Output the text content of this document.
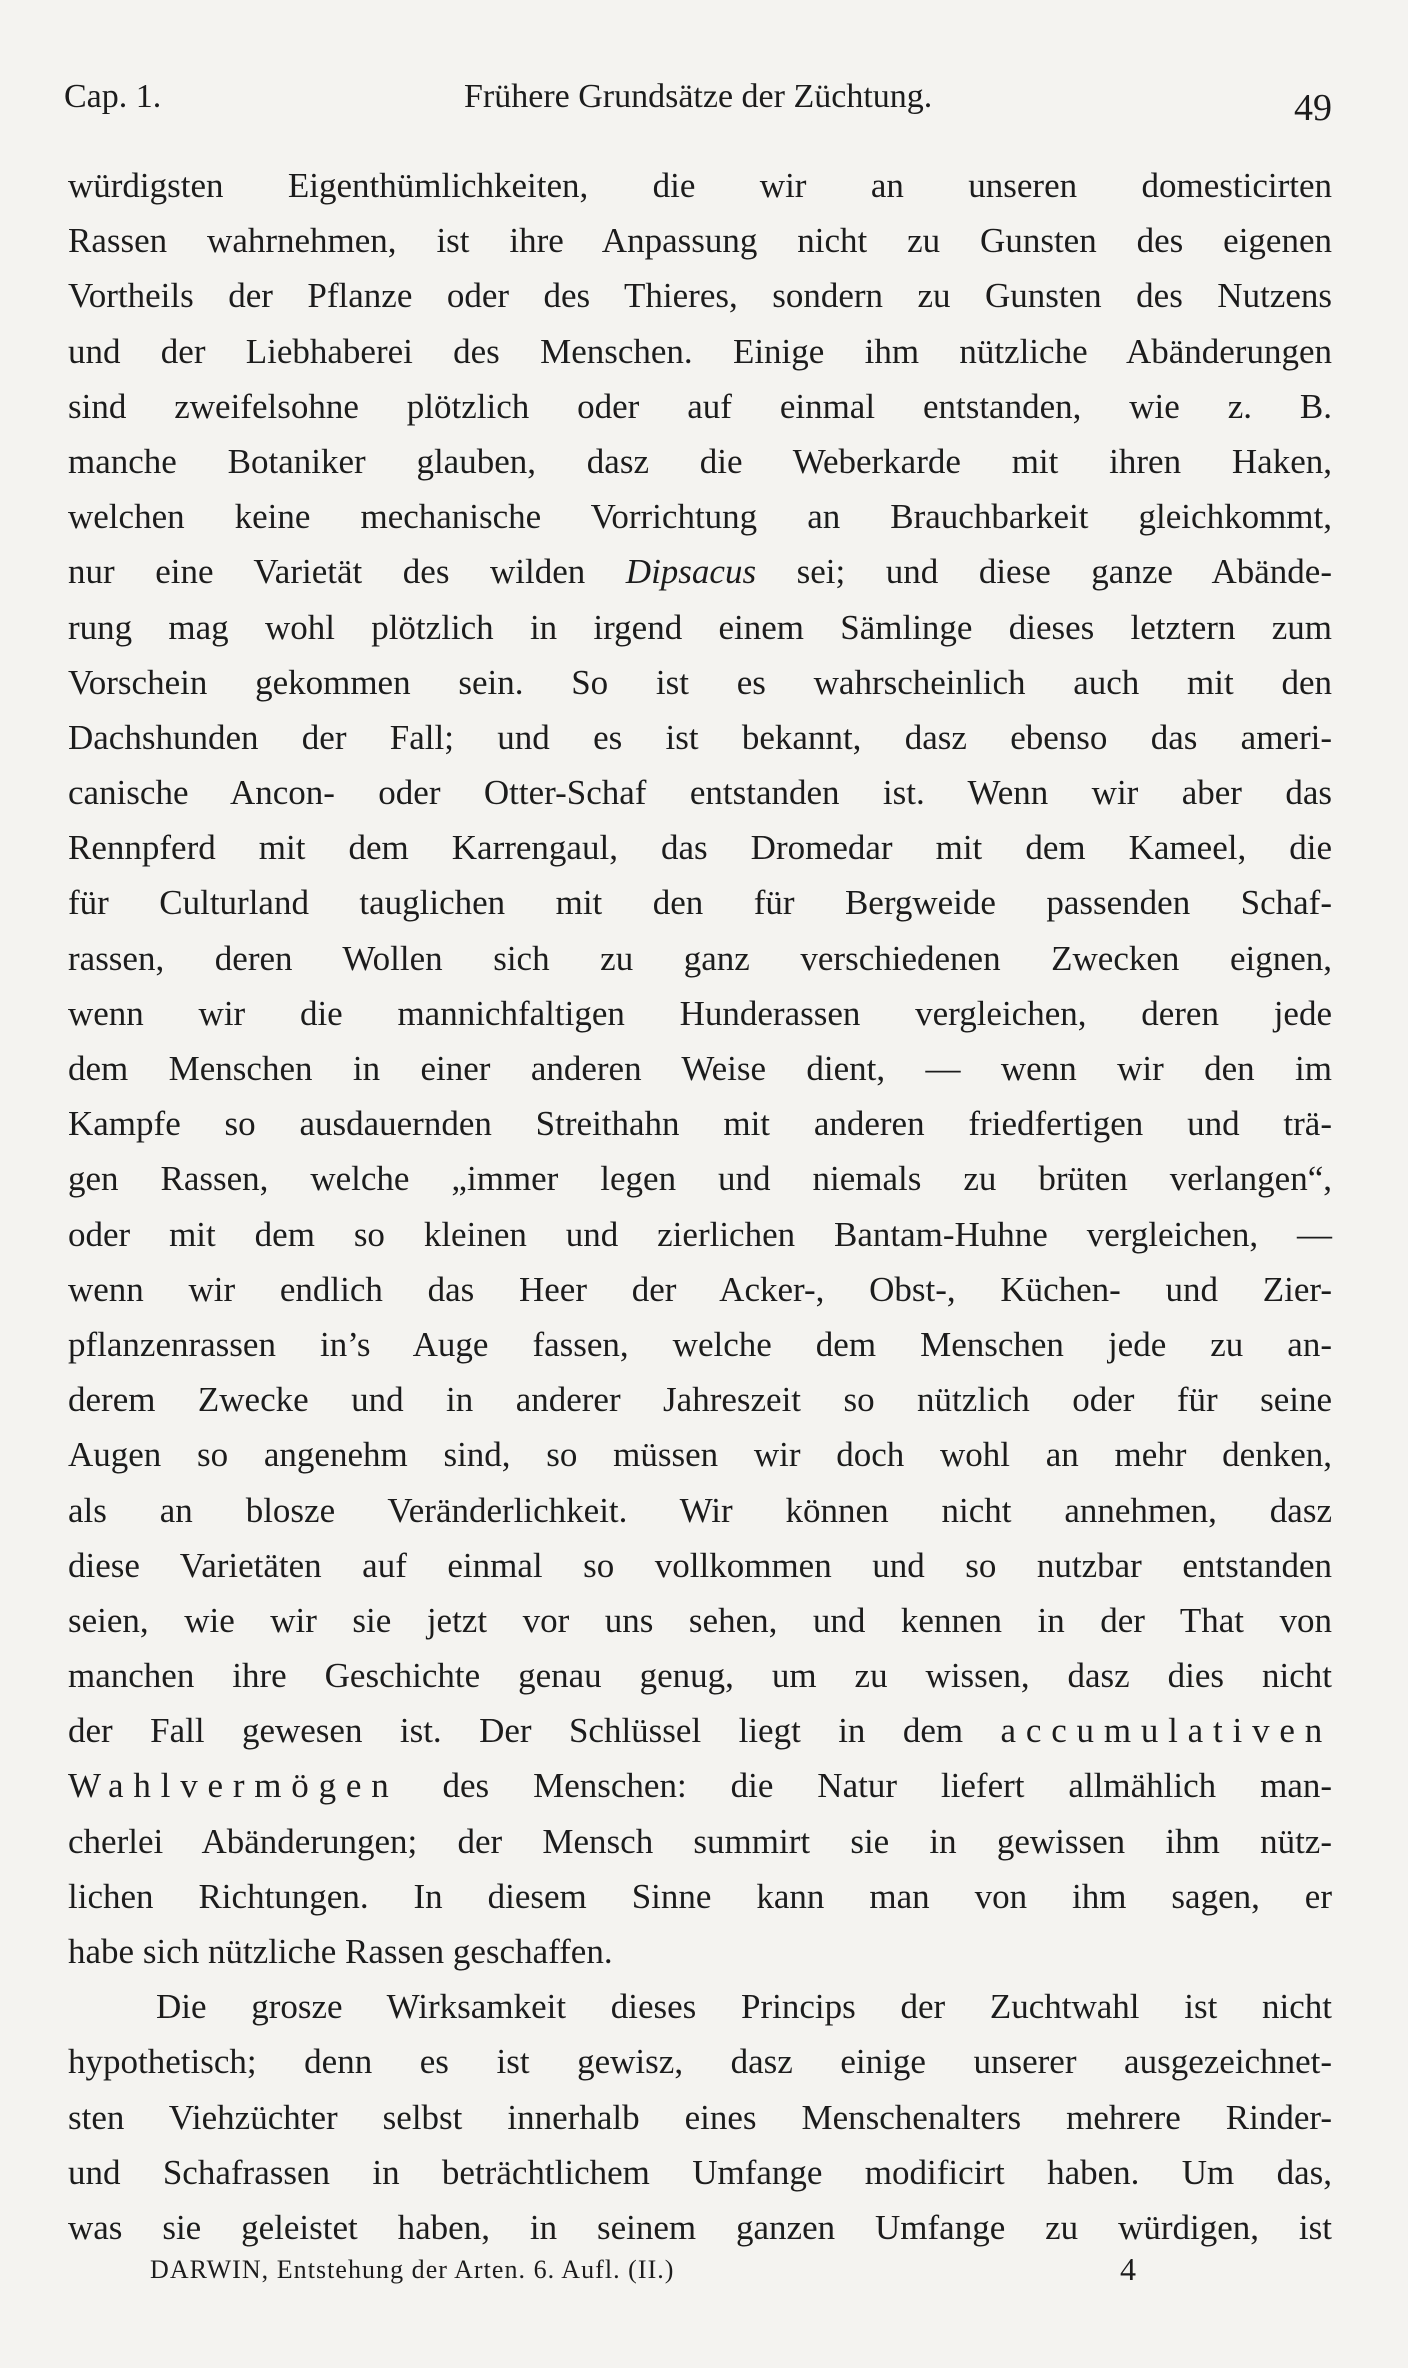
Cap. 1.	Frühere Grundsätze der Züchtung.	49
würdigsten Eigenthümlichkeiten, die wir an unseren domesticirten
Rassen wahrnehmen, ist ihre Anpassung nicht zu Gunsten des eigenen
Vortheils der Pflanze oder des Thieres, sondern zu Gunsten des Nutzens
und der Liebhaberei des Menschen. Einige ihm nützliche Abänderungen
sind zweifelsohne plötzlich oder auf einmal entstanden, wie z. B.
manche Botaniker glauben, dasz die Weberkarde mit ihren Haken,
welchen keine mechanische Vorrichtung an Brauchbarkeit gleichkommt,
nur eine Varietät des wilden Dipsacus sei; und diese ganze Abände-
rung mag wohl plötzlich in irgend einem Sämlinge dieses letztern zum
Vorschein gekommen sein. So ist es wahrscheinlich auch mit den
Dachshunden der Fall; und es ist bekannt, dasz ebenso das ameri-
canische Ancon- oder Otter-Schaf entstanden ist. Wenn wir aber das
Rennpferd mit dem Karrengaul, das Dromedar mit dem Kameel, die
für Culturland tauglichen mit den für Bergweide passenden Schaf-
rassen, deren Wollen sich zu ganz verschiedenen Zwecken eignen,
wenn wir die mannichfaltigen Hunderassen vergleichen, deren jede
dem Menschen in einer anderen Weise dient, — wenn wir den im
Kampfe so ausdauernden Streithahn mit anderen friedfertigen und trä-
gen Rassen, welche „immer legen und niemals zu brüten verlangen“,
oder mit dem so kleinen und zierlichen Bantam-Huhne vergleichen, —
wenn wir endlich das Heer der Acker-, Obst-, Küchen- und Zier-
pflanzenrassen in’s Auge fassen, welche dem Menschen jede zu an-
derem Zwecke und in anderer Jahreszeit so nützlich oder für seine
Augen so angenehm sind, so müssen wir doch wohl an mehr denken,
als an blosze Veränderlichkeit. Wir können nicht annehmen, dasz
diese Varietäten auf einmal so vollkommen und so nutzbar entstanden
seien, wie wir sie jetzt vor uns sehen, und kennen in der That von
manchen ihre Geschichte genau genug, um zu wissen, dasz dies nicht
der Fall gewesen ist. Der Schlüssel liegt in dem accumulativen
Wahlvermögen des Menschen: die Natur liefert allmählich man-
cherlei Abänderungen; der Mensch summirt sie in gewissen ihm nütz-
lichen Richtungen. In diesem Sinne kann man von ihm sagen, er
habe sich nützliche Rassen geschaffen.
Die grosze Wirksamkeit dieses Princips der Zuchtwahl ist nicht
hypothetisch; denn es ist gewisz, dasz einige unserer ausgezeichnet-
sten Viehzüchter selbst innerhalb eines Menschenalters mehrere Rinder-
und Schafrassen in beträchtlichem Umfange modificirt haben. Um das,
was sie geleistet haben, in seinem ganzen Umfange zu würdigen, ist
DARWIN, Entstehung der Arten. 6. Aufl. (II.)	4
